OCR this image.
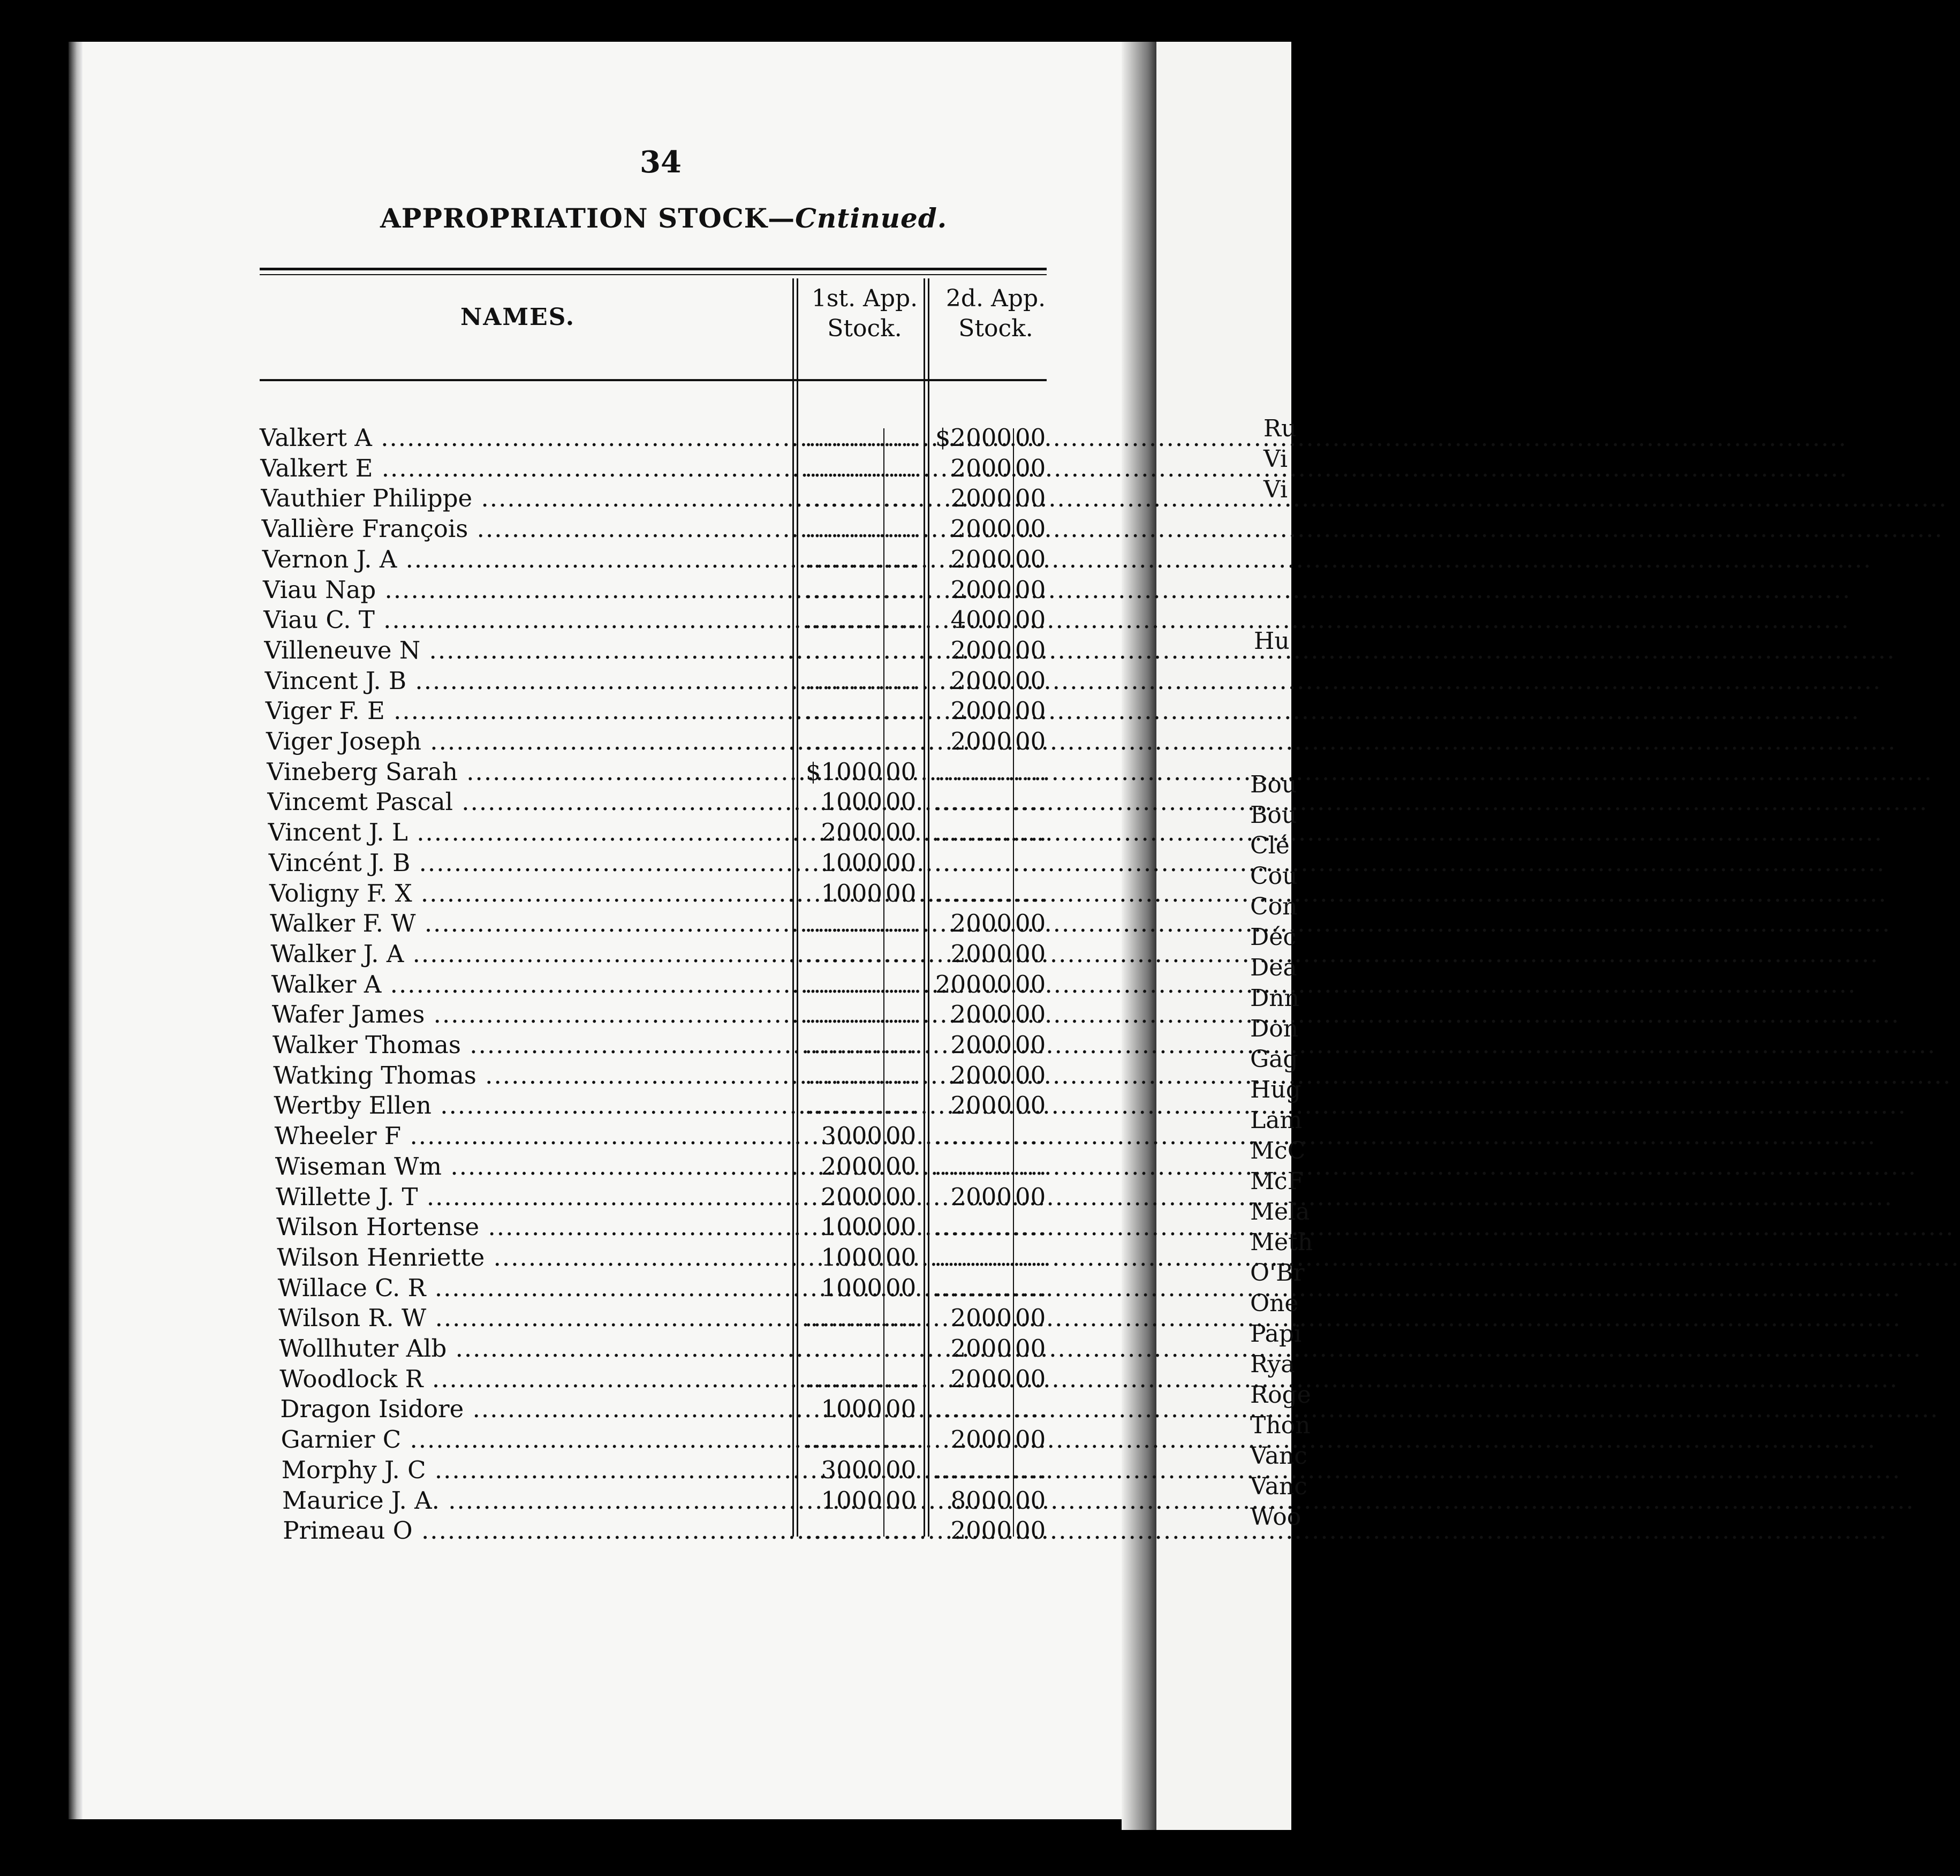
34
APPROPRIATION STOCK—Cntinued.
NAMES.
1st. App.
Stock.
2d. App.
Stock.
Valkert A .....	............. $2000 00
Valkert E .....	.............	2000 00
Vauthier Philippe .....	.............	2000 00
Vallière François .....	.............	2000 00
Vernon J. A .....	.............	2000 00
Viau Nap .....	.............	2000 00
Viau C. T .....	.............	4000 00
Villeneuve N .....	.............	2000 00
Vincent J. B .....	.............	2000 00
Viger F. E .....	.............	2000 00
Viger Joseph .....	.............	2000 00
Vineberg Sarah .....	$1000 00 .............
Vincemt Pascal .....	1000 00 .............
Vincent J. L .....	2000 00 .............
Vincént J. B .....	1000 00 .............
Voligny F. X .....	1000 00 .............
Walker F. W .....	.............	2000 00
Walker J. A .....	.............	2000 00
Walker A .....	............. 20000 00
Wafer James .....	.............	2000 00
Walker Thomas .....	.............	2000 00
Watking Thomas .....	.............	2000 00
Wertby Ellen .....	.............	2000 00
Wheeler F .....	3000 00 .............
Wiseman Wm .....	2000 00 .............
Willette J. T .....	2000 00	2000 00
Wilson Hortense .....	1000 00 .............
Wilson Henriette .....	1000 00 .............
Willace C. R .....	1000 00 .............
Wilson R. W .....	.............	2000 00
Wollhuter Alb .....	.............	2000 00
Woodlock R .....	.............	2000 00
Dragon Isidore .....	1000 00 .............
Garnier C .....	.............	2000 00
Morphy J. C .....	3000 00 .............
Maurice J. A. .....	1000 00	8000 00
Primeau O .....	.............	2000 00
Ru
Vi
Vi
Hu
Bou
Bou
Clé
Cou
Con
Déc
Dea
Dnn
Don
Gag
Hug
Lam
McC
McF
Mela
Meth
O'Br
One
Papi
Rya
Roge
Thon
Vanc
Vanc
Woo
